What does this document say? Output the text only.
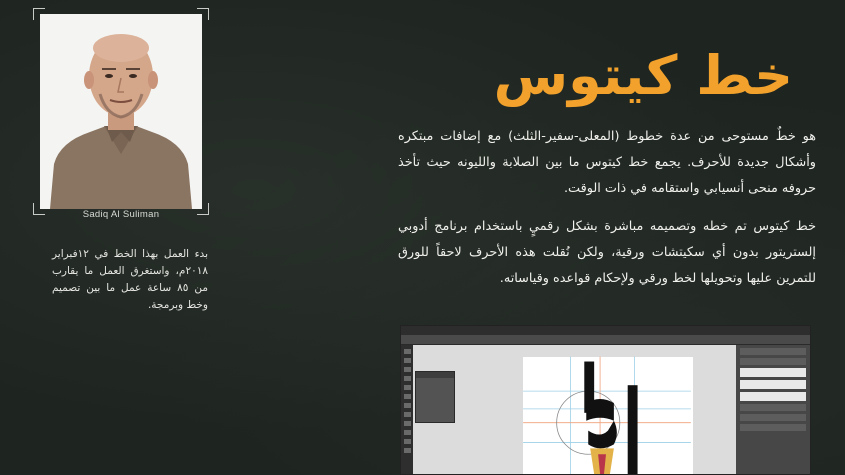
Sadiq Al Suliman
بدء العمل بهذا الخط في ١٢فبراير ٢٠١٨م، واستغرق العمل ما يقارب من ٨٥ ساعة عمل ما بين تصميم وخط وبرمجة.
خط كيتوس
هو خطٌ مستوحى من عدة خطوط (المعلى-سفير-الثلث) مع إضافات مبتكره وأشكال جديدة للأحرف. يجمع خط كيتوس ما بين الصلابة والليونه حيث تأخذ حروفه منحى أنسيابي واستقامه في ذات الوقت.
خط كيتوس تم خطه وتصميمه مباشرة بشكل رقميٍ باستخدام برنامج أدوبي إلستريتور بدون أي سكيتشات ورقية، ولكن نُقلت هذه الأحرف لاحقاً للورق للتمرين عليها وتحويلها لخط ورقي ولإحكام قواعده وقياساته.
